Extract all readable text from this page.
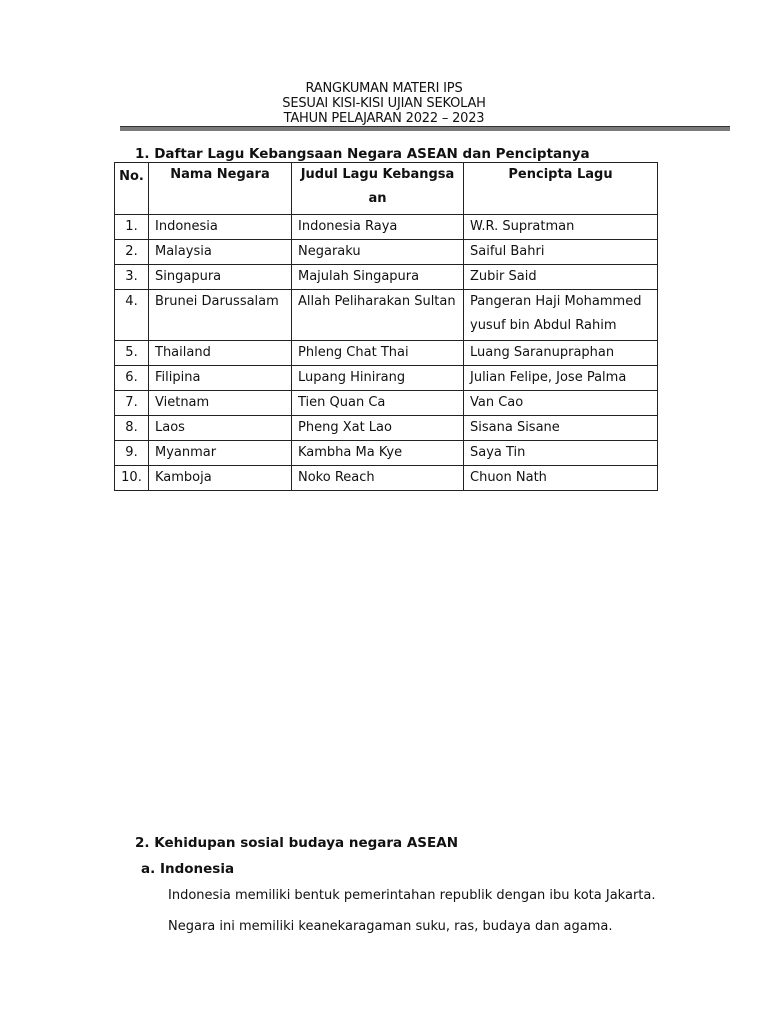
RANGKUMAN MATERI IPS
SESUAI KISI-KISI UJIAN SEKOLAH
TAHUN PELAJARAN 2022 – 2023
1. Daftar Lagu Kebangsaan Negara ASEAN dan Penciptanya
No.	Nama Negara	Judul Lagu Kebangsaan	Pencipta Lagu
1.	Indonesia	Indonesia Raya	W.R. Supratman
2.	Malaysia	Negaraku	Saiful Bahri
3.	Singapura	Majulah Singapura	Zubir Said
4.	Brunei Darussalam	Allah Peliharakan Sultan	Pangeran Haji Mohammed yusuf bin Abdul Rahim
5.	Thailand	Phleng Chat Thai	Luang Saranupraphan
6.	Filipina	Lupang Hinirang	Julian Felipe, Jose Palma
7.	Vietnam	Tien Quan Ca	Van Cao
8.	Laos	Pheng Xat Lao	Sisana Sisane
9.	Myanmar	Kambha Ma Kye	Saya Tin
10.	Kamboja	Noko Reach	Chuon Nath
2. Kehidupan sosial budaya negara ASEAN
a. Indonesia
Indonesia memiliki bentuk pemerintahan republik dengan ibu kota Jakarta. Negara ini memiliki keanekaragaman suku, ras, budaya dan agama.
